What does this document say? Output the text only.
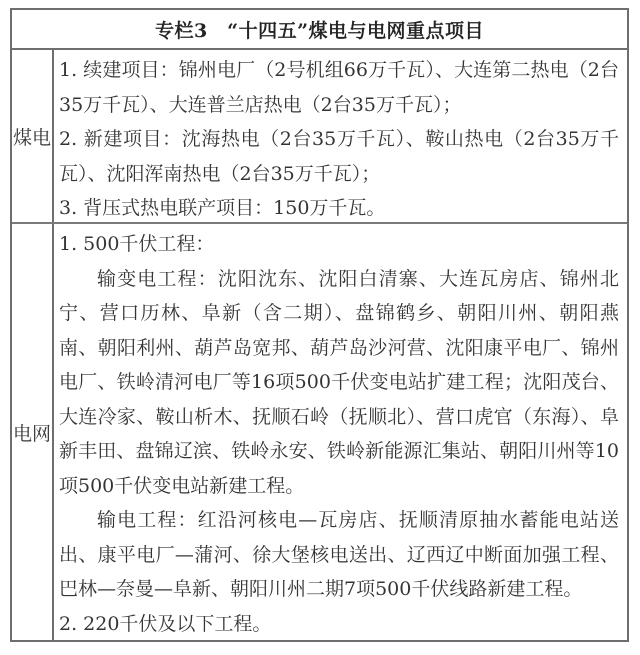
专栏3　“十四五”煤电与电网重点项目
煤电

1. 续建项目：锦州电厂（2号机组66万千瓦）、大连第二热电（2台35万千瓦）、大连普兰店热电（2台35万千瓦）；

2. 新建项目：沈海热电（2台35万千瓦）、鞍山热电（2台35万千瓦）、沈阳浑南热电（2台35万千瓦）；

3. 背压式热电联产项目：150万千瓦。

电网

1. 500千伏工程：

输变电工程：沈阳沈东、沈阳白清寨、大连瓦房店、锦州北宁、营口历林、阜新（含二期）、盘锦鹤乡、朝阳川州、朝阳燕南、朝阳利州、葫芦岛宽邦、葫芦岛沙河营、沈阳康平电厂、锦州电厂、铁岭清河电厂等16项500千伏变电站扩建工程；沈阳茂台、大连冷家、鞍山析木、抚顺石岭（抚顺北）、营口虎官（东海）、阜新丰田、盘锦辽滨、铁岭永安、铁岭新能源汇集站、朝阳川州等10项500千伏变电站新建工程。

输电工程：红沿河核电—瓦房店、抚顺清原抽水蓄能电站送出、康平电厂—蒲河、徐大堡核电送出、辽西辽中断面加强工程、巴林—奈曼—阜新、朝阳川州二期7项500千伏线路新建工程。

2. 220千伏及以下工程。
